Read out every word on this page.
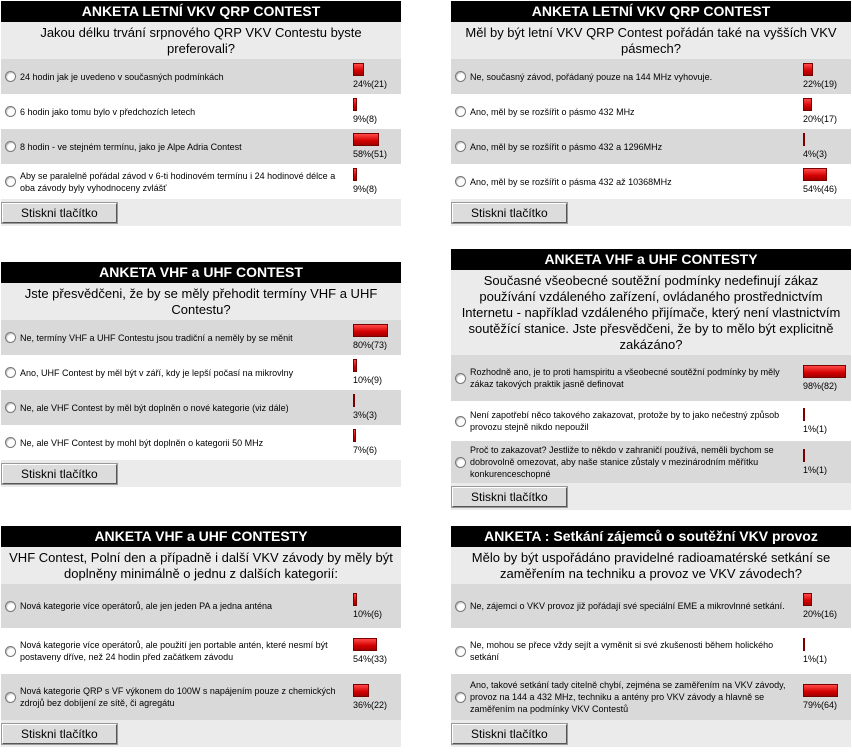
ANKETA LETNÍ VKV QRP CONTEST
Jakou délku trvání srpnového QRP VKV Contestu byste preferovali?
24 hodin jak je uvedeno v současných podmínkách
24%(21)
6 hodin jako tomu bylo v předchozích letech
9%(8)
8 hodin - ve stejném termínu, jako je Alpe Adria Contest
58%(51)
Aby se paralelně pořádal závod v 6-ti hodinovém termínu i 24 hodinové délce a oba závody byly vyhodnoceny zvlášť	9%(8)
Stiskni tlačítko
ANKETA LETNÍ VKV QRP CONTEST
Měl by být letní VKV QRP Contest pořádán také na vyšších VKV pásmech?
Ne, současný závod, pořádaný pouze na 144 MHz vyhovuje.
22%(19)
Ano, měl by se rozšířit o pásmo 432 MHz
20%(17)
Ano, měl by se rozšířit o pásmo 432 a 1296MHz
4%(3)
Ano, měl by se rozšířit o pásma 432 až 10368MHz
54%(46)
Stiskni tlačítko
ANKETA VHF a UHF CONTEST
Jste přesvědčeni, že by se měly přehodit termíny VHF a UHF Contestu?
Ne, termíny VHF a UHF Contestu jsou tradiční a neměly by se měnit
80%(73)
Ano, UHF Contest by měl být v září, kdy je lepší počasí na mikrovlny
10%(9)
Ne, ale VHF Contest by měl být doplněn o nové kategorie (viz dále)
3%(3)
Ne, ale VHF Contest by mohl být doplněn o kategorii 50 MHz
7%(6)
Stiskni tlačítko
ANKETA VHF a UHF CONTESTY
Současné všeobecné soutěžní podmínky nedefinují zákaz používání vzdáleného zařízení, ovládaného prostřednictvím Internetu - například vzdáleného přijímače, který není vlastnictvím soutěžící stanice. Jste přesvědčeni, že by to mělo být explicitně zakázáno?
Rozhodně ano, je to proti hamspiritu a všeobecné soutěžní podmínky by měly zákaz takových praktik jasně definovat	98%(82)
Není zapotřebí něco takového zakazovat, protože by to jako nečestný způsob provozu stejně nikdo nepoužil	1%(1)
Proč to zakazovat? Jestliže to někdo v zahraničí používá, neměli bychom se dobrovolně omezovat, aby naše stanice zůstaly v mezinárodním měřítku konkurenceschopné	1%(1)
Stiskni tlačítko
ANKETA VHF a UHF CONTESTY
VHF Contest, Polní den a případně i další VKV závody by měly být doplněny minimálně o jednu z dalších kategorií:
Nová kategorie více operátorů, ale jen jeden PA a jedna anténa
10%(6)
Nová kategorie více operátorů, ale použití jen portable antén, které nesmí být postaveny dříve, než 24 hodin před začátkem závodu	54%(33)
Nová kategorie QRP s VF výkonem do 100W s napájením pouze z chemických zdrojů bez dobíjení ze sítě, či agregátu	36%(22)
Stiskni tlačítko
ANKETA : Setkání zájemců o soutěžní VKV provoz
Mělo by být uspořádáno pravidelné radioamatérské setkání se zaměřením na techniku a provoz ve VKV závodech?
Ne, zájemci o VKV provoz již pořádají své speciální EME a mikrovlnné setkání.
20%(16)
Ne, mohou se přece vždy sejít a vyměnit si své zkušenosti během holického setkání	1%(1)
Ano, takové setkání tady citelně chybí, zejména se zaměřením na VKV závody, provoz na 144 a 432 MHz, techniku a antény pro VKV závody a hlavně se zaměřením na podmínky VKV Contestů	79%(64)
Stiskni tlačítko
